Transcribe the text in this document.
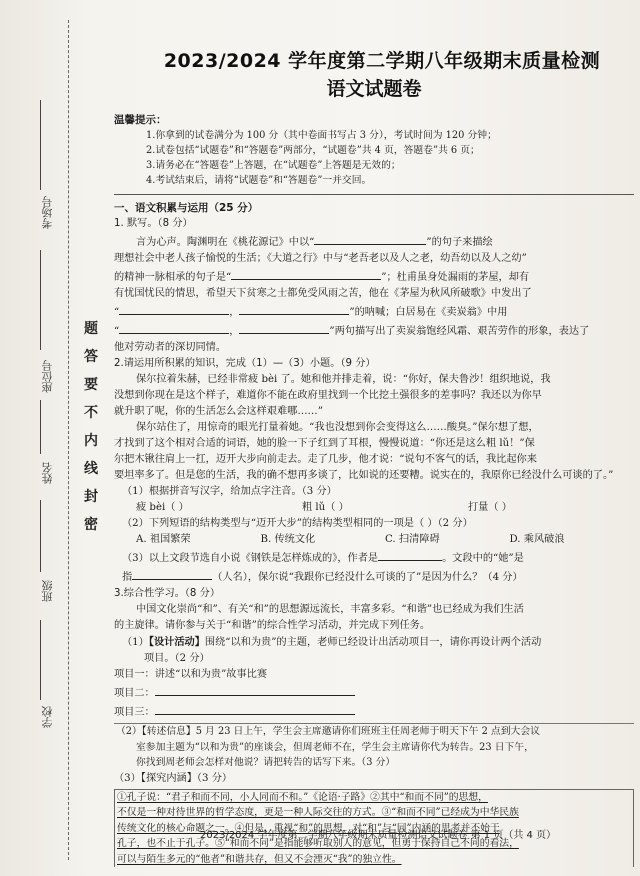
考场号
座位号
姓名
班级
学校
题
答
要
不
内
线
封
密
2023/2024 学年度第二学期八年级期末质量检测
语文试题卷
温馨提示：
1.你拿到的试卷满分为 100 分（其中卷面书写占 3 分），考试时间为 120 分钟；
2.试卷包括“试题卷”和“答题卷”两部分，“试题卷”共 4 页，答题卷”共 6 页；
3.请务必在“答题卷”上答题，在“试题卷”上答题是无效的；
4.考试结束后，请将“试题卷”和“答题卷”一并交回。
一、语文积累与运用（25 分）
1. 默写。（8 分）
言为心声。陶渊明在《桃花源记》中以“	”的句子来描绘
理想社会中老人孩子愉悦的生活；《大道之行》中与“老吾老以及人之老，幼吾幼以及人之幼”
的精神一脉相承的句子是“	”；杜甫虽身处漏雨的茅屋，却有
有忧国忧民的情思，希望天下贫寒之士都免受风雨之苦，他在《茅屋为秋风所破歌》中发出了
“	，	”的呐喊；白居易在《卖炭翁》中用
“	，	”两句描写出了卖炭翁饱经风霜、艰苦劳作的形象，表达了
他对劳动者的深切同情。
2.请运用所积累的知识，完成（1）—（3）小题。（9 分）
保尔拉着朱赫，已经非常疲 bèi 了。她和他并排走着，说：“你好，保夫鲁沙！组织地说，我
没想到你现在是这个样子，难道你不能在政府里找到一个比挖土强很多的差事吗？我还以为你早
就升职了呢，你的生活怎么会这样艰难哪……”
保尔站住了，用惊奇的眼光打量着她。“我也没想到你会变得这么……酸臭。”保尔想了想，
才找到了这个相对合适的词语，她的脸一下子红到了耳根，慢慢说道：“你还是这么粗 lǔ！”保
尔把木锹往肩上一扛，迈开大步向前走去。走了几步，他才说：“说句不客气的话，我比起你来
要坦率多了。但是您的生活，我的确不想再多谈了，比如说的还要糟。说实在的，我原你已经没什么可谈的了。”
（1）根据拼音写汉字，给加点字注音。（3 分）
疲 bèi（ ）	粗 lǔ（ ）	打量（ ）
（2）下列短语的结构类型与“迈开大步”的结构类型相同的一项是（ ）（2 分）
A. 祖国繁荣	B. 传统文化	C. 扫清障碍	D. 乘风破浪
（3）以上文段节选自小说《钢铁是怎样炼成的》，作者是	。文段中的“她”是
指	（人名），保尔说“我跟你已经没什么可谈的了”是因为什么？（4 分）
3.综合性学习。（8 分）
中国文化崇尚“和”、有关“和”的思想源远流长，丰富多彩。“和谐”也已经成为我们生活
的主旋律。请你参与关于“和谐”的综合性学习活动，并完成下列任务。
（1）【设计活动】围绕“以和为贵”的主题，老师已经设计出活动项目一，请你再设计两个活动
项目。（2 分）
项目一：讲述“以和为贵”故事比赛
项目二：
项目三：
（2）【转述信息】5 月 23 日上午，学生会主席邀请你们班班主任周老师于明天下午 2 点到大会议
室参加主题为“以和为贵”的座谈会，但周老师不在，学生会主席请你代为转告。23 日下午，
你找到周老师会怎样对他说？请把转告的话写下来。（3 分）
（3）【探究内涵】（3 分）
①孔子说：“君子和而不同，小人同而不和。”《论语·子路》②其中“和而不同”的思想，
不仅是一种对待世界的哲学态度，更是一种人际交往的方式。③“和而不同”已经成为中华民族
传统文化的核心命题之一。④但是，重视“和”的思想，对“和”与“同”内涵的思考并不始于
孔子，也不止于孔子。⑤“和而不同”是指能够听取别人的意见，但勇于保持自己不同的看法，
可以与陌生多元的“他者”和谐共存，但又不会湮灭“我”的独立性。
2023/2024 学年度第二学期八年级期末质量检测语文试题卷 第 1 页（共 4 页）
